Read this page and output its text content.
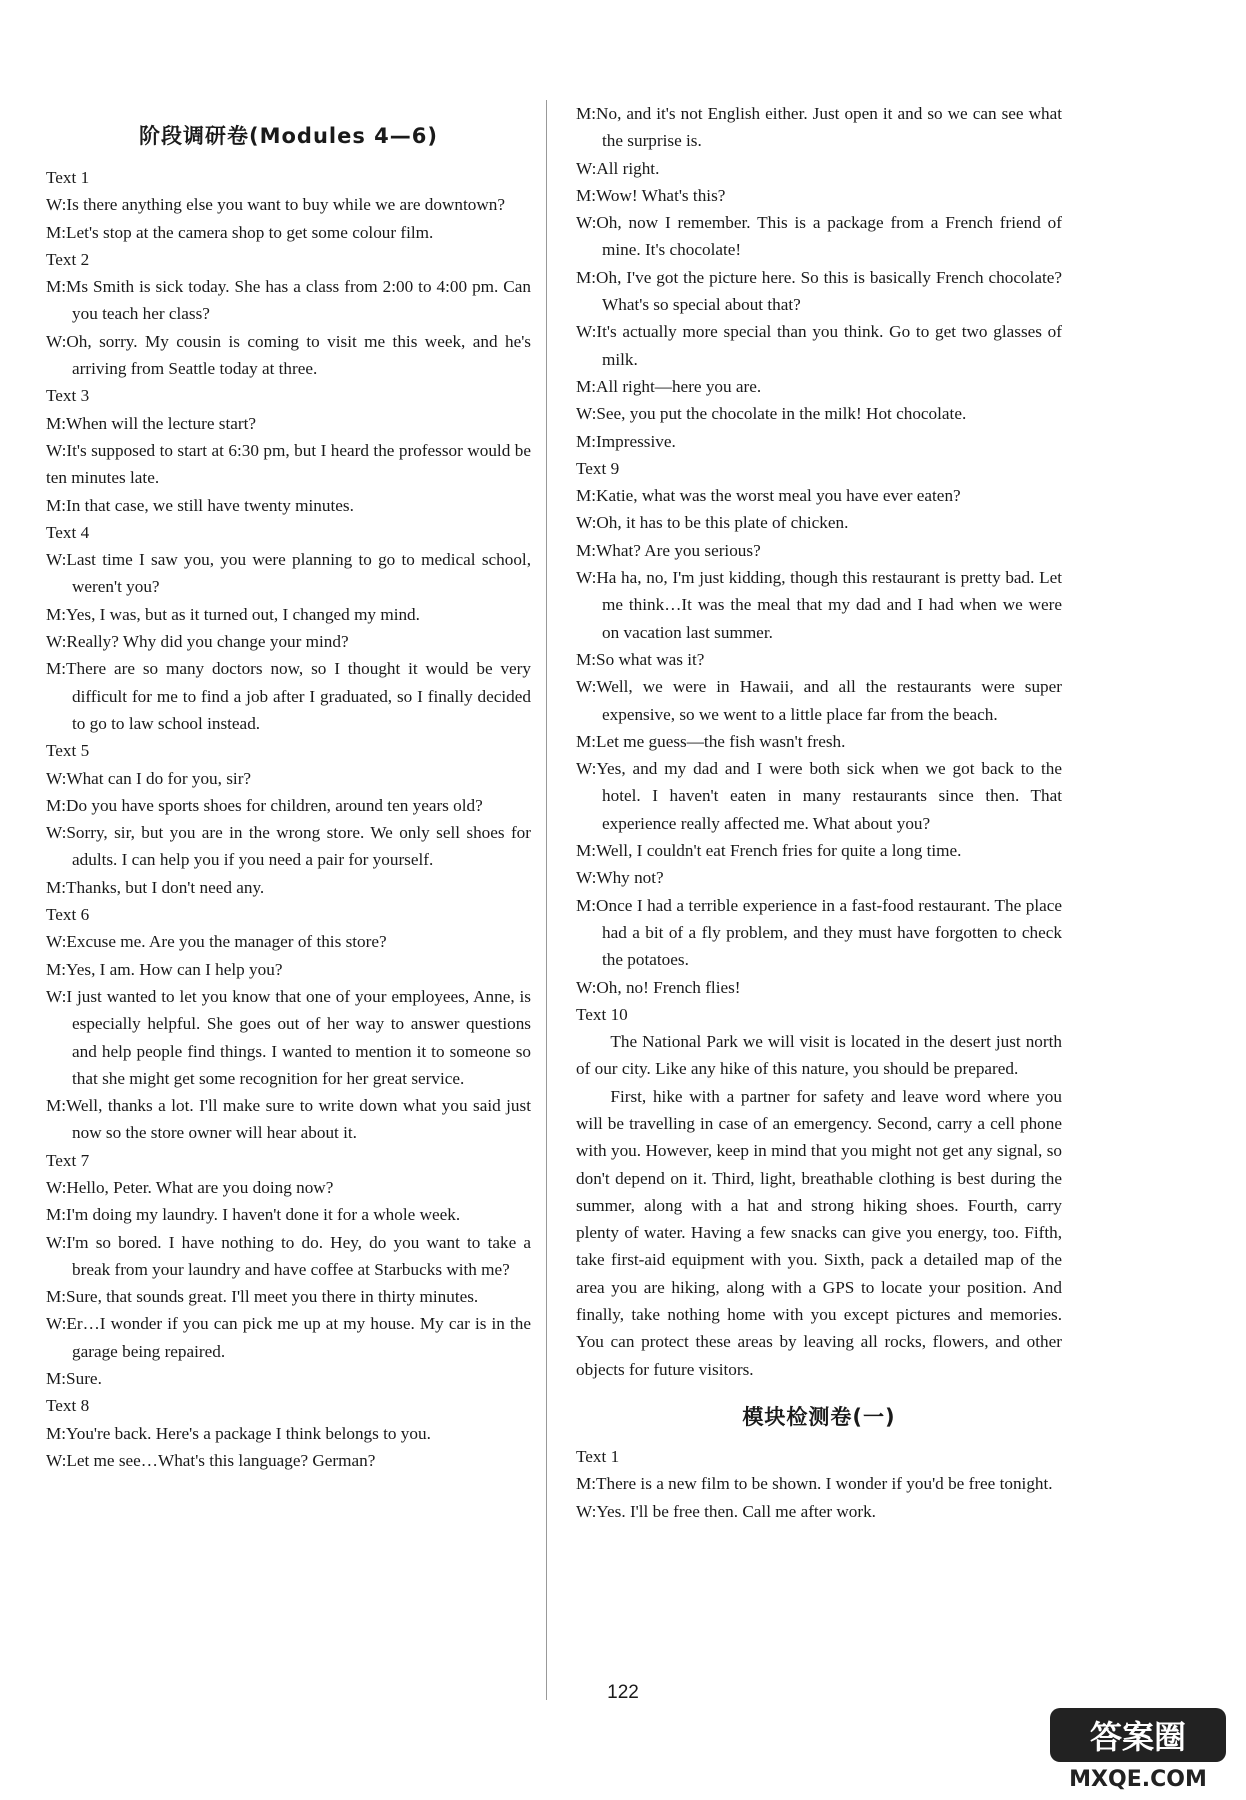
阶段调研卷(Modules 4—6)

Text 1

W:Is there anything else you want to buy while we are downtown?

M:Let's stop at the camera shop to get some colour film.

Text 2

M:Ms Smith is sick today. She has a class from 2:00 to 4:00 pm. Can you teach her class?

W:Oh, sorry. My cousin is coming to visit me this week, and he's arriving from Seattle today at three.

Text 3

M:When will the lecture start?

W:It's supposed to start at 6:30 pm, but I heard the professor would be ten minutes late.

M:In that case, we still have twenty minutes.

Text 4

W:Last time I saw you, you were planning to go to medical school, weren't you?

M:Yes, I was, but as it turned out, I changed my mind.

W:Really? Why did you change your mind?

M:There are so many doctors now, so I thought it would be very difficult for me to find a job after I graduated, so I finally decided to go to law school instead.

Text 5

W:What can I do for you, sir?

M:Do you have sports shoes for children, around ten years old?

W:Sorry, sir, but you are in the wrong store. We only sell shoes for adults. I can help you if you need a pair for yourself.

M:Thanks, but I don't need any.

Text 6

W:Excuse me. Are you the manager of this store?

M:Yes, I am. How can I help you?

W:I just wanted to let you know that one of your employees, Anne, is especially helpful. She goes out of her way to answer questions and help people find things. I wanted to mention it to someone so that she might get some recognition for her great service.

M:Well, thanks a lot. I'll make sure to write down what you said just now so the store owner will hear about it.

Text 7

W:Hello, Peter. What are you doing now?

M:I'm doing my laundry. I haven't done it for a whole week.

W:I'm so bored. I have nothing to do. Hey, do you want to take a break from your laundry and have coffee at Starbucks with me?

M:Sure, that sounds great. I'll meet you there in thirty minutes.

W:Er…I wonder if you can pick me up at my house. My car is in the garage being repaired.

M:Sure.

Text 8

M:You're back. Here's a package I think belongs to you.

W:Let me see…What's this language? German?

M:No, and it's not English either. Just open it and so we can see what the surprise is.

W:All right.

M:Wow! What's this?

W:Oh, now I remember. This is a package from a French friend of mine. It's chocolate!

M:Oh, I've got the picture here. So this is basically French chocolate? What's so special about that?

W:It's actually more special than you think. Go to get two glasses of milk.

M:All right—here you are.

W:See, you put the chocolate in the milk! Hot chocolate.

M:Impressive.

Text 9

M:Katie, what was the worst meal you have ever eaten?

W:Oh, it has to be this plate of chicken.

M:What? Are you serious?

W:Ha ha, no, I'm just kidding, though this restaurant is pretty bad. Let me think…It was the meal that my dad and I had when we were on vacation last summer.

M:So what was it?

W:Well, we were in Hawaii, and all the restaurants were super expensive, so we went to a little place far from the beach.

M:Let me guess—the fish wasn't fresh.

W:Yes, and my dad and I were both sick when we got back to the hotel. I haven't eaten in many restaurants since then. That experience really affected me. What about you?

M:Well, I couldn't eat French fries for quite a long time.

W:Why not?

M:Once I had a terrible experience in a fast-food restaurant. The place had a bit of a fly problem, and they must have forgotten to check the potatoes.

W:Oh, no! French flies!

Text 10

The National Park we will visit is located in the desert just north of our city. Like any hike of this nature, you should be prepared.

First, hike with a partner for safety and leave word where you will be travelling in case of an emergency. Second, carry a cell phone with you. However, keep in mind that you might not get any signal, so don't depend on it. Third, light, breathable clothing is best during the summer, along with a hat and strong hiking shoes. Fourth, carry plenty of water. Having a few snacks can give you energy, too. Fifth, take first-aid equipment with you. Sixth, pack a detailed map of the area you are hiking, along with a GPS to locate your position. And finally, take nothing home with you except pictures and memories. You can protect these areas by leaving all rocks, flowers, and other objects for future visitors.

模块检测卷(一)

Text 1

M:There is a new film to be shown. I wonder if you'd be free tonight.

W:Yes. I'll be free then. Call me after work.

122
答案圈
MXQE.COM
